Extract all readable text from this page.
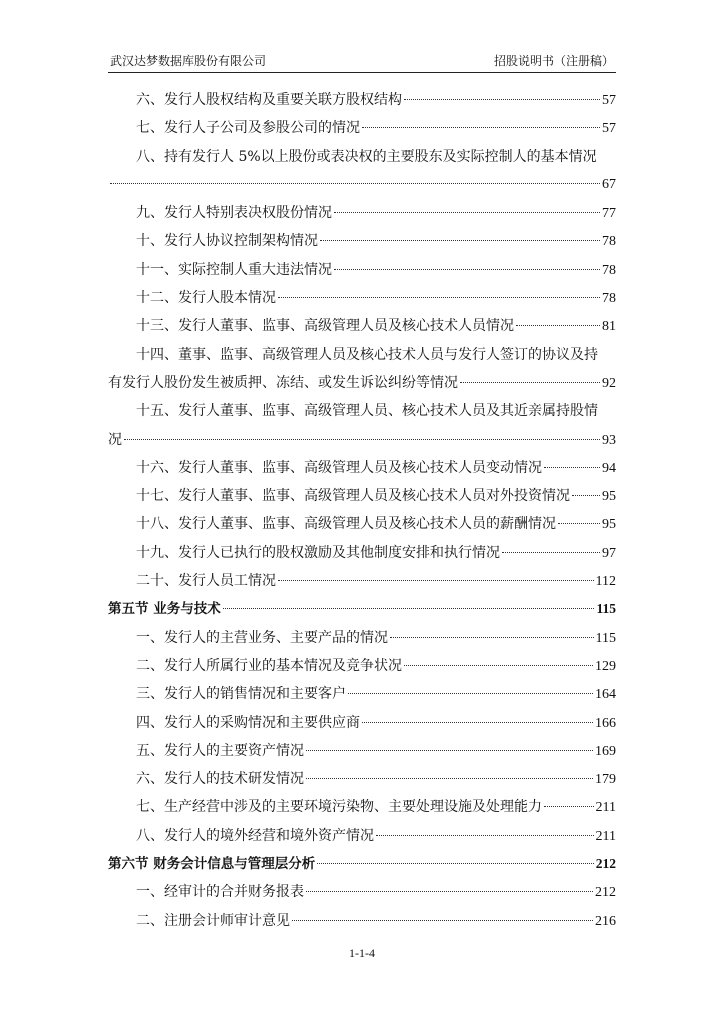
武汉达梦数据库股份有限公司	招股说明书（注册稿）
六、发行人股权结构及重要关联方股权结构	57
七、发行人子公司及参股公司的情况	57
八、持有发行人 5%以上股份或表决权的主要股东及实际控制人的基本情况
67
九、发行人特别表决权股份情况	77
十、发行人协议控制架构情况	78
十一、实际控制人重大违法情况	78
十二、发行人股本情况	78
十三、发行人董事、监事、高级管理人员及核心技术人员情况	81
十四、董事、监事、高级管理人员及核心技术人员与发行人签订的协议及持
有发行人股份发生被质押、冻结、或发生诉讼纠纷等情况	92
十五、发行人董事、监事、高级管理人员、核心技术人员及其近亲属持股情
况	93
十六、发行人董事、监事、高级管理人员及核心技术人员变动情况	94
十七、发行人董事、监事、高级管理人员及核心技术人员对外投资情况 95
十八、发行人董事、监事、高级管理人员及核心技术人员的薪酬情况	95
十九、发行人已执行的股权激励及其他制度安排和执行情况	97
二十、发行人员工情况	112
第五节 业务与技术	115
一、发行人的主营业务、主要产品的情况	115
二、发行人所属行业的基本情况及竞争状况	129
三、发行人的销售情况和主要客户	164
四、发行人的采购情况和主要供应商	166
五、发行人的主要资产情况	169
六、发行人的技术研发情况	179
七、生产经营中涉及的主要环境污染物、主要处理设施及处理能力	211
八、发行人的境外经营和境外资产情况	211
第六节 财务会计信息与管理层分析	212
一、经审计的合并财务报表	212
二、注册会计师审计意见	216
1-1-4
